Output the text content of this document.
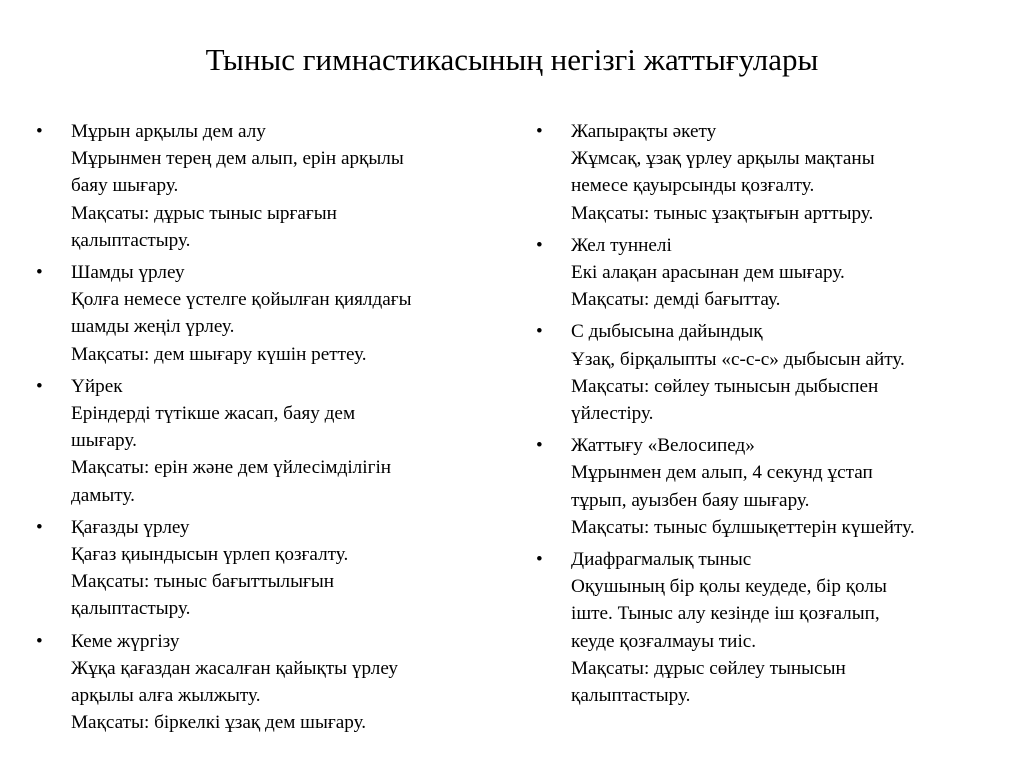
Тыныс гимнастикасының негізгі жаттығулары
• Мұрын арқылы дем алу
Мұрынмен терең дем алып, ерін арқылы
баяу шығару.
Мақсаты: дұрыс тыныс ырғағын
қалыптастыру.
• Шамды үрлеу
Қолға немесе үстелге қойылған қиялдағы
шамды жеңіл үрлеу.
Мақсаты: дем шығару күшін реттеу.
• Үйрек
Еріндерді түтікше жасап, баяу дем
шығару.
Мақсаты: ерін және дем үйлесімділігін
дамыту.
• Қағазды үрлеу
Қағаз қиындысын үрлеп қозғалту.
Мақсаты: тыныс бағыттылығын
қалыптастыру.
• Кеме жүргізу
Жұқа қағаздан жасалған қайықты үрлеу
арқылы алға жылжыту.
Мақсаты: біркелкі ұзақ дем шығару.
• Жапырақты әкету
Жұмсақ, ұзақ үрлеу арқылы мақтаны
немесе қауырсынды қозғалту.
Мақсаты: тыныс ұзақтығын арттыру.
• Жел туннелі
Екі алақан арасынан дем шығару.
Мақсаты: демді бағыттау.
• С дыбысына дайындық
Ұзақ, бірқалыпты «с-с-с» дыбысын айту.
Мақсаты: сөйлеу тынысын дыбыспен
үйлестіру.
• Жаттығу «Велосипед»
Мұрынмен дем алып, 4 секунд ұстап
тұрып, ауызбен баяу шығару.
Мақсаты: тыныс бұлшықеттерін күшейту.
• Диафрагмалық тыныс
Оқушының бір қолы кеудеде, бір қолы
іште. Тыныс алу кезінде іш қозғалып,
кеуде қозғалмауы тиіс.
Мақсаты: дұрыс сөйлеу тынысын
қалыптастыру.
